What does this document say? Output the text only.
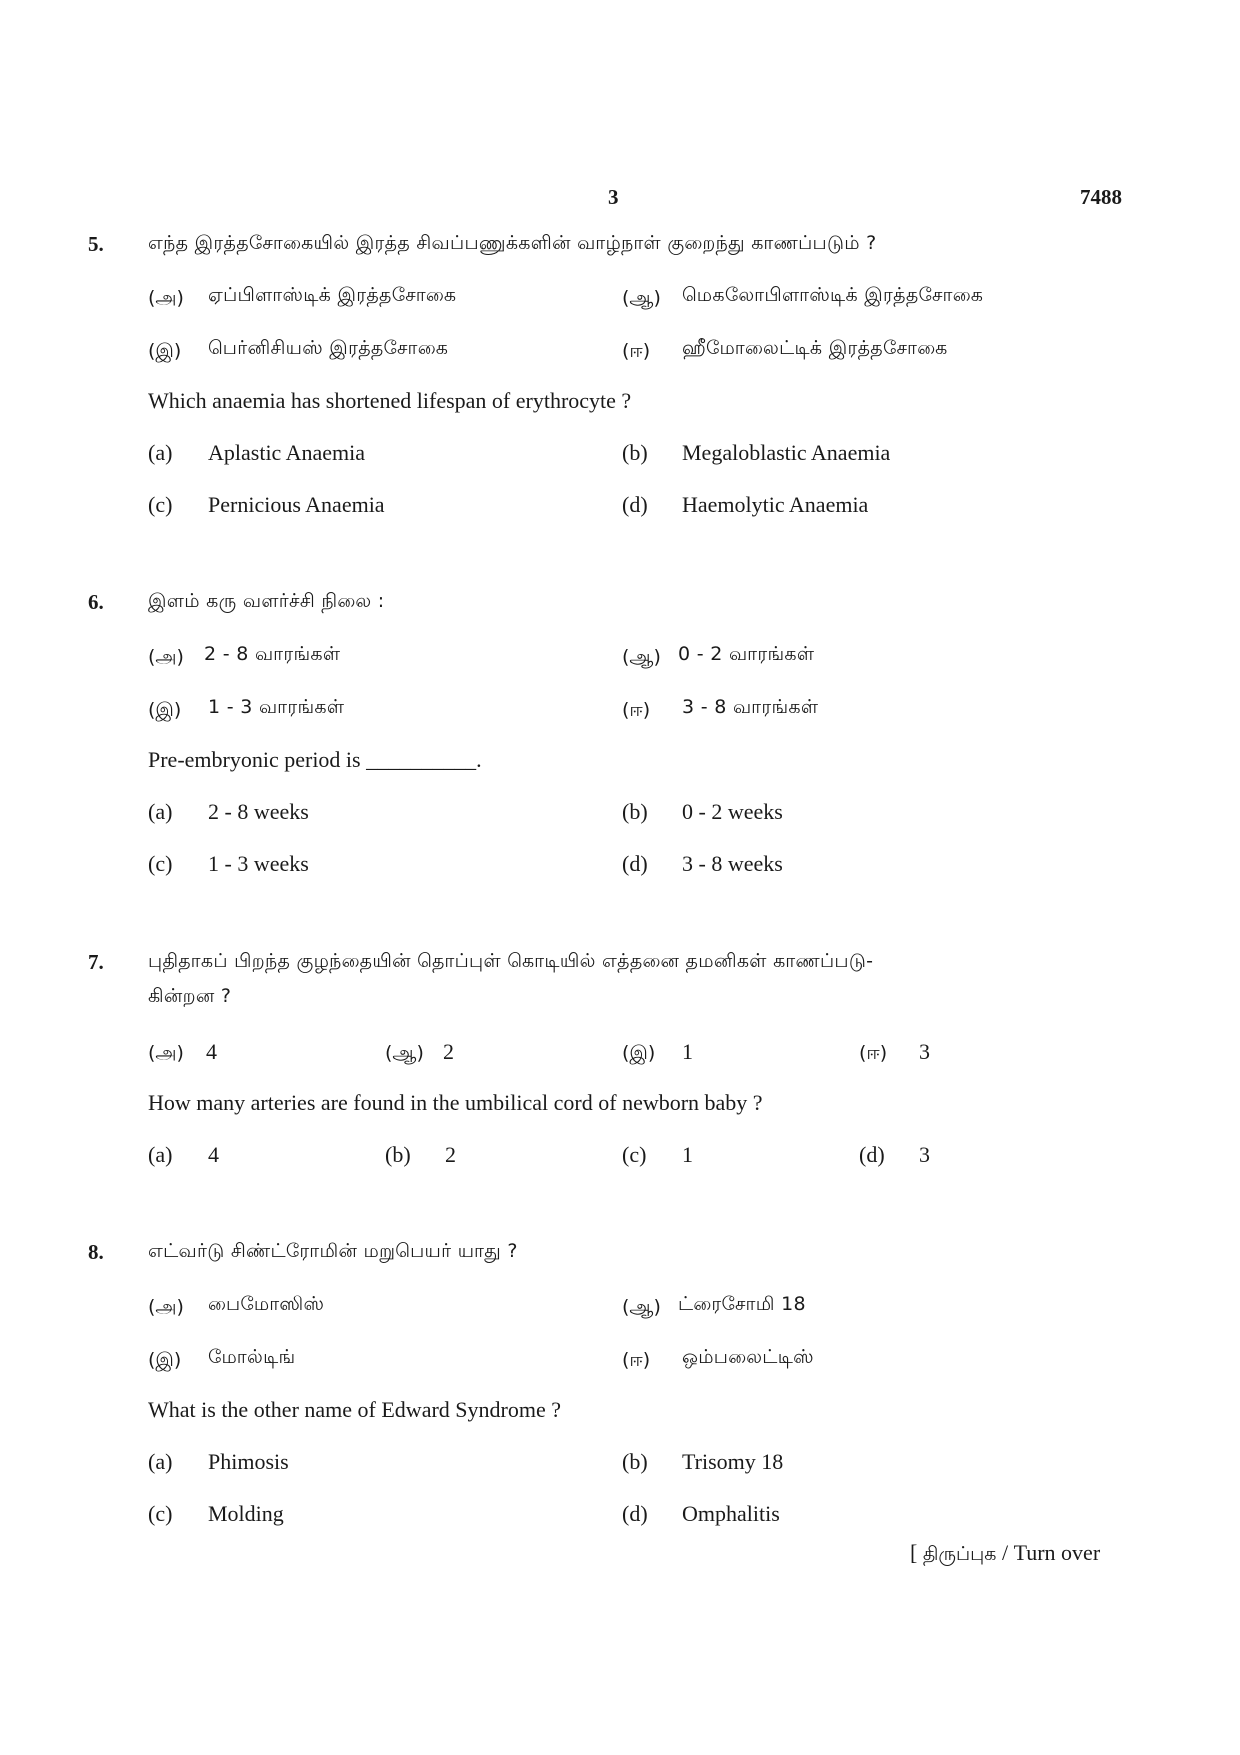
3	7488
5. எந்த இரத்தசோகையில் இரத்த சிவப்பணுக்களின் வாழ்நாள் குறைந்து காணப்படும் ?
(அ) ஏப்பிளாஸ்டிக் இரத்தசோகை	(ஆ) மெகலோபிளாஸ்டிக் இரத்தசோகை
(இ) பெர்னிசியஸ் இரத்தசோகை	(ஈ) ஹீமோலைட்டிக் இரத்தசோகை
Which anaemia has shortened lifespan of erythrocyte ?
(a) Aplastic Anaemia	(b) Megaloblastic Anaemia
(c) Pernicious Anaemia	(d) Haemolytic Anaemia
6. இளம் கரு வளர்ச்சி நிலை :
(அ) 2 - 8 வாரங்கள்	(ஆ) 0 - 2 வாரங்கள்
(இ) 1 - 3 வாரங்கள்	(ஈ) 3 - 8 வாரங்கள்
Pre-embryonic period is __________.
(a) 2 - 8 weeks	(b) 0 - 2 weeks
(c) 1 - 3 weeks	(d) 3 - 8 weeks
7. புதிதாகப் பிறந்த குழந்தையின் தொப்புள் கொடியில் எத்தனை தமனிகள் காணப்படு-
கின்றன ?
(அ) 4	(ஆ) 2	(இ) 1	(ஈ) 3
How many arteries are found in the umbilical cord of newborn baby ?
(a) 4	(b) 2	(c) 1	(d) 3
8. எட்வர்டு சிண்ட்ரோமின் மறுபெயர் யாது ?
(அ) பைமோஸிஸ்	(ஆ) ட்ரைசோமி 18
(இ) மோல்டிங்	(ஈ) ஒம்பலைட்டிஸ்
What is the other name of Edward Syndrome ?
(a) Phimosis	(b) Trisomy 18
(c) Molding	(d) Omphalitis
[ திருப்புக / Turn over
